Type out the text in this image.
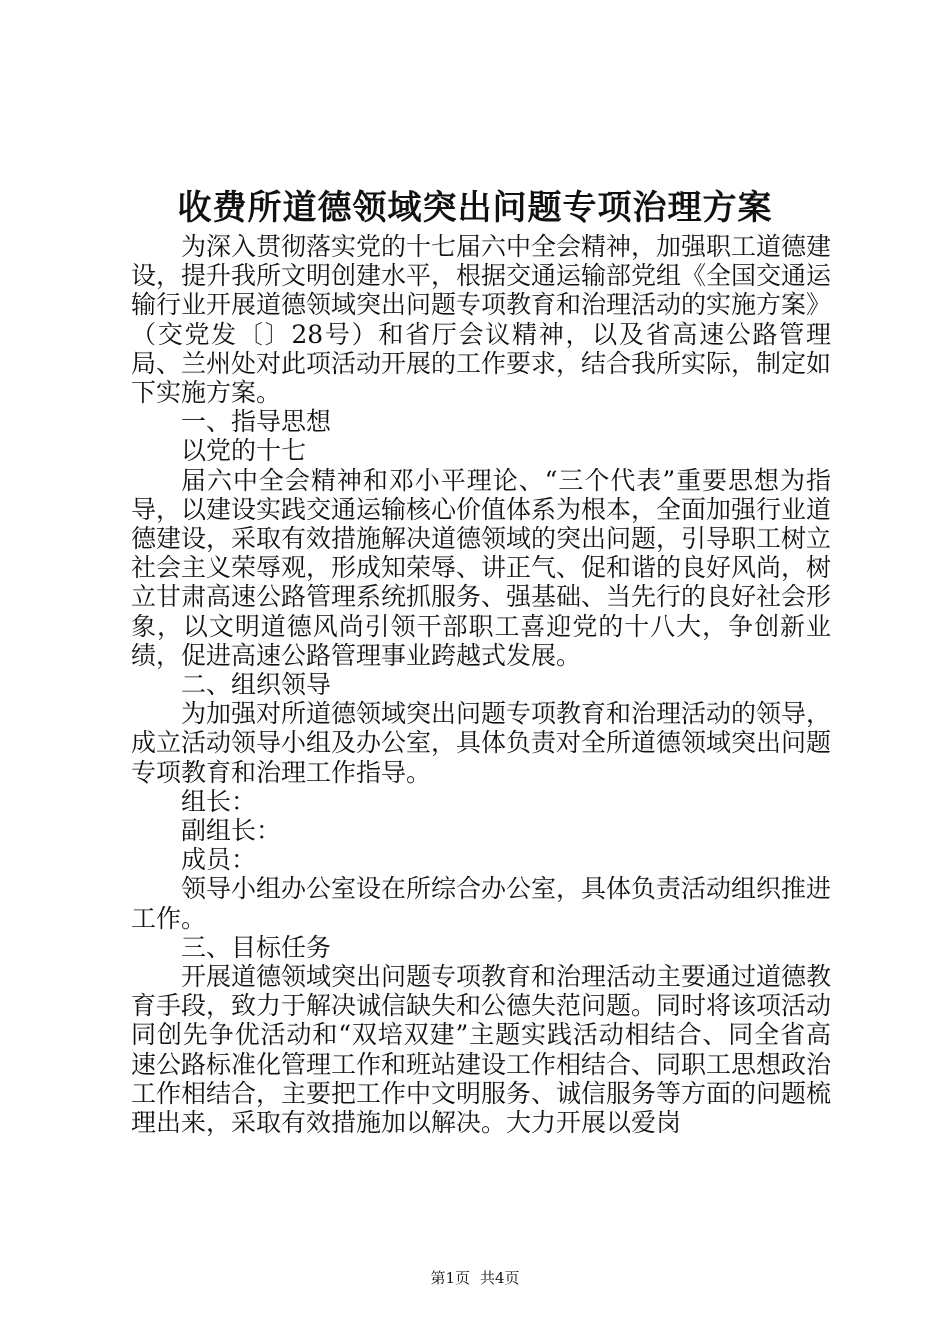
收费所道德领域突出问题专项治理方案

为深入贯彻落实党的十七届六中全会精神，加强职工道德建设，提升我所文明创建水平，根据交通运输部党组《全国交通运输行业开展道德领域突出问题专项教育和治理活动的实施方案》（交党发〔〕28号）和省厅会议精神，以及省高速公路管理局、兰州处对此项活动开展的工作要求，结合我所实际，制定如下实施方案。

一、指导思想

以党的十七

届六中全会精神和邓小平理论、“三个代表”重要思想为指导，以建设实践交通运输核心价值体系为根本，全面加强行业道德建设，采取有效措施解决道德领域的突出问题，引导职工树立社会主义荣辱观，形成知荣辱、讲正气、促和谐的良好风尚，树立甘肃高速公路管理系统抓服务、强基础、当先行的良好社会形象，以文明道德风尚引领干部职工喜迎党的十八大，争创新业绩，促进高速公路管理事业跨越式发展。

二、组织领导

为加强对所道德领域突出问题专项教育和治理活动的领导，成立活动领导小组及办公室，具体负责对全所道德领域突出问题专项教育和治理工作指导。

组长：

副组长：

成员：

领导小组办公室设在所综合办公室，具体负责活动组织推进工作。

三、目标任务

开展道德领域突出问题专项教育和治理活动主要通过道德教育手段，致力于解决诚信缺失和公德失范问题。同时将该项活动同创先争优活动和“双培双建”主题实践活动相结合、同全省高速公路标准化管理工作和班站建设工作相结合、同职工思想政治工作相结合，主要把工作中文明服务、诚信服务等方面的问题梳理出来，采取有效措施加以解决。大力开展以爱岗

第1页 共4页
